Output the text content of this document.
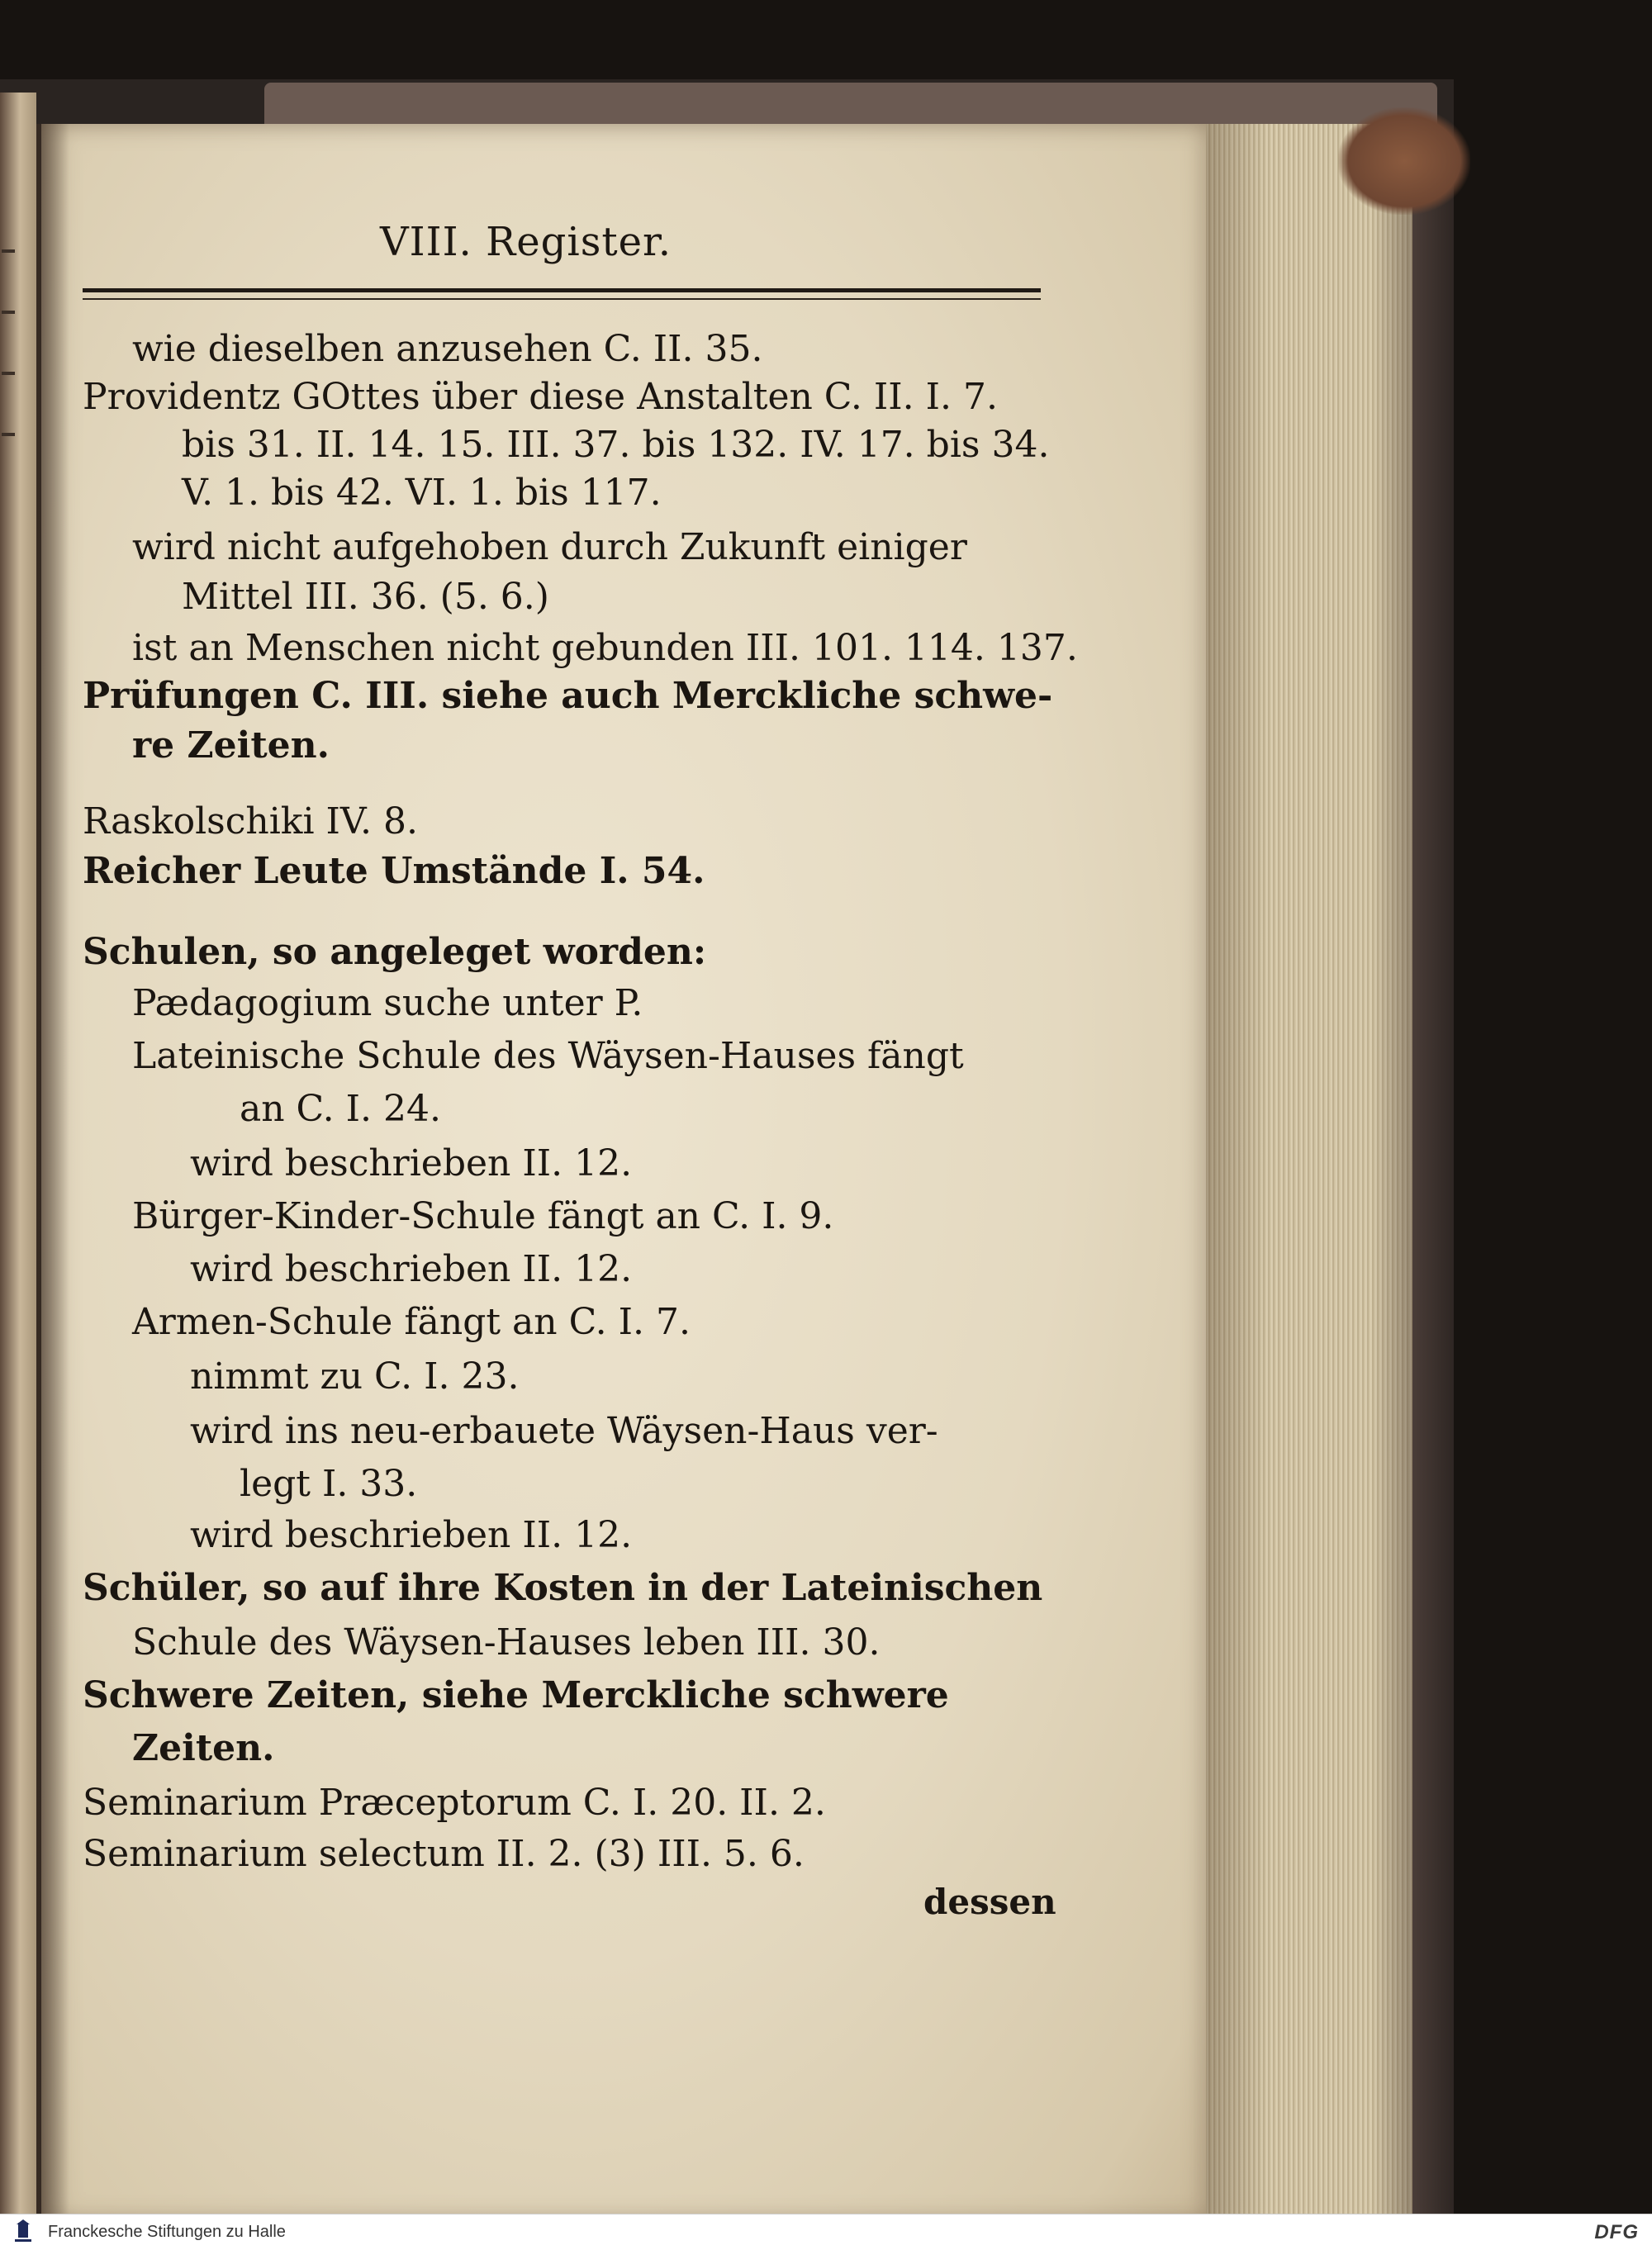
VIII. Register.
wie dieselben anzusehen C. II. 35.
Providentz GOttes über diese Anstalten C. II. I. 7.
bis 31. II. 14. 15. III. 37. bis 132. IV. 17. bis 34.
V. 1. bis 42. VI. 1. bis 117.
wird nicht aufgehoben durch Zukunft einiger
Mittel III. 36. (5. 6.)
ist an Menschen nicht gebunden III. 101. 114. 137.
Prüfungen C. III. siehe auch Merckliche schwe-
re Zeiten.
Raskolschiki IV. 8.
Reicher Leute Umstände I. 54.
Schulen, so angeleget worden:
Pædagogium suche unter P.
Lateinische Schule des Wäysen-Hauses fängt
an C. I. 24.
wird beschrieben II. 12.
Bürger-Kinder-Schule fängt an C. I. 9.
wird beschrieben II. 12.
Armen-Schule fängt an C. I. 7.
nimmt zu C. I. 23.
wird ins neu-erbauete Wäysen-Haus ver-
legt I. 33.
wird beschrieben II. 12.
Schüler, so auf ihre Kosten in der Lateinischen
Schule des Wäysen-Hauses leben III. 30.
Schwere Zeiten, siehe Merckliche schwere
Zeiten.
Seminarium Præceptorum C. I. 20. II. 2.
Seminarium selectum II. 2. (3) III. 5. 6.
dessen
Franckesche Stiftungen zu Halle	DFG
